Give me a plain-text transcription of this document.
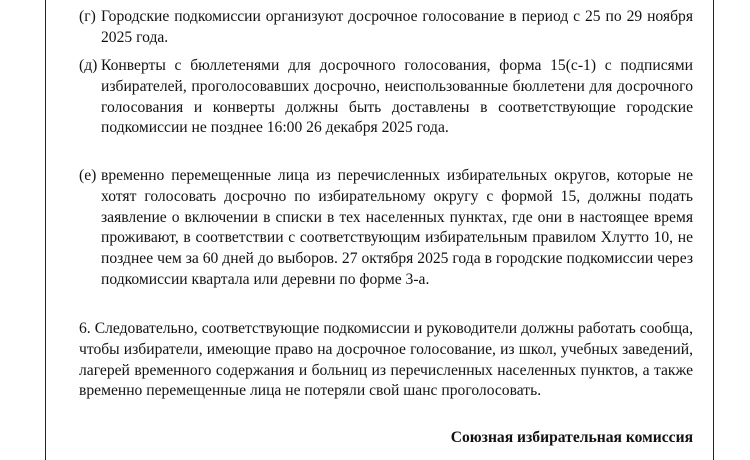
(г) Городские подкомиссии организуют досрочное голосование в период с 25 по 29 ноября 2025 года.
(д) Конверты с бюллетенями для досрочного голосования, форма 15(с-1) с подписями избирателей, проголосовавших досрочно, неиспользованные бюллетени для досрочного голосования и конверты должны быть доставлены в соответствующие городские подкомиссии не позднее 16:00 26 декабря 2025 года.
(е) временно перемещенные лица из перечисленных избирательных округов, которые не хотят голосовать досрочно по избирательному округу с формой 15, должны подать заявление о включении в списки в тех населенных пунктах, где они в настоящее время проживают, в соответствии с соответствующим избирательным правилом Хлутто 10, не позднее чем за 60 дней до выборов. 27 октября 2025 года в городские подкомиссии через подкомиссии квартала или деревни по форме 3-а.

6. Следовательно, соответствующие подкомиссии и руководители должны работать сообща, чтобы избиратели, имеющие право на досрочное голосование, из школ, учебных заведений, лагерей временного содержания и больниц из перечисленных населенных пунктов, а также временно перемещенные лица не потеряли свой шанс проголосовать.

Союзная избирательная комиссия
